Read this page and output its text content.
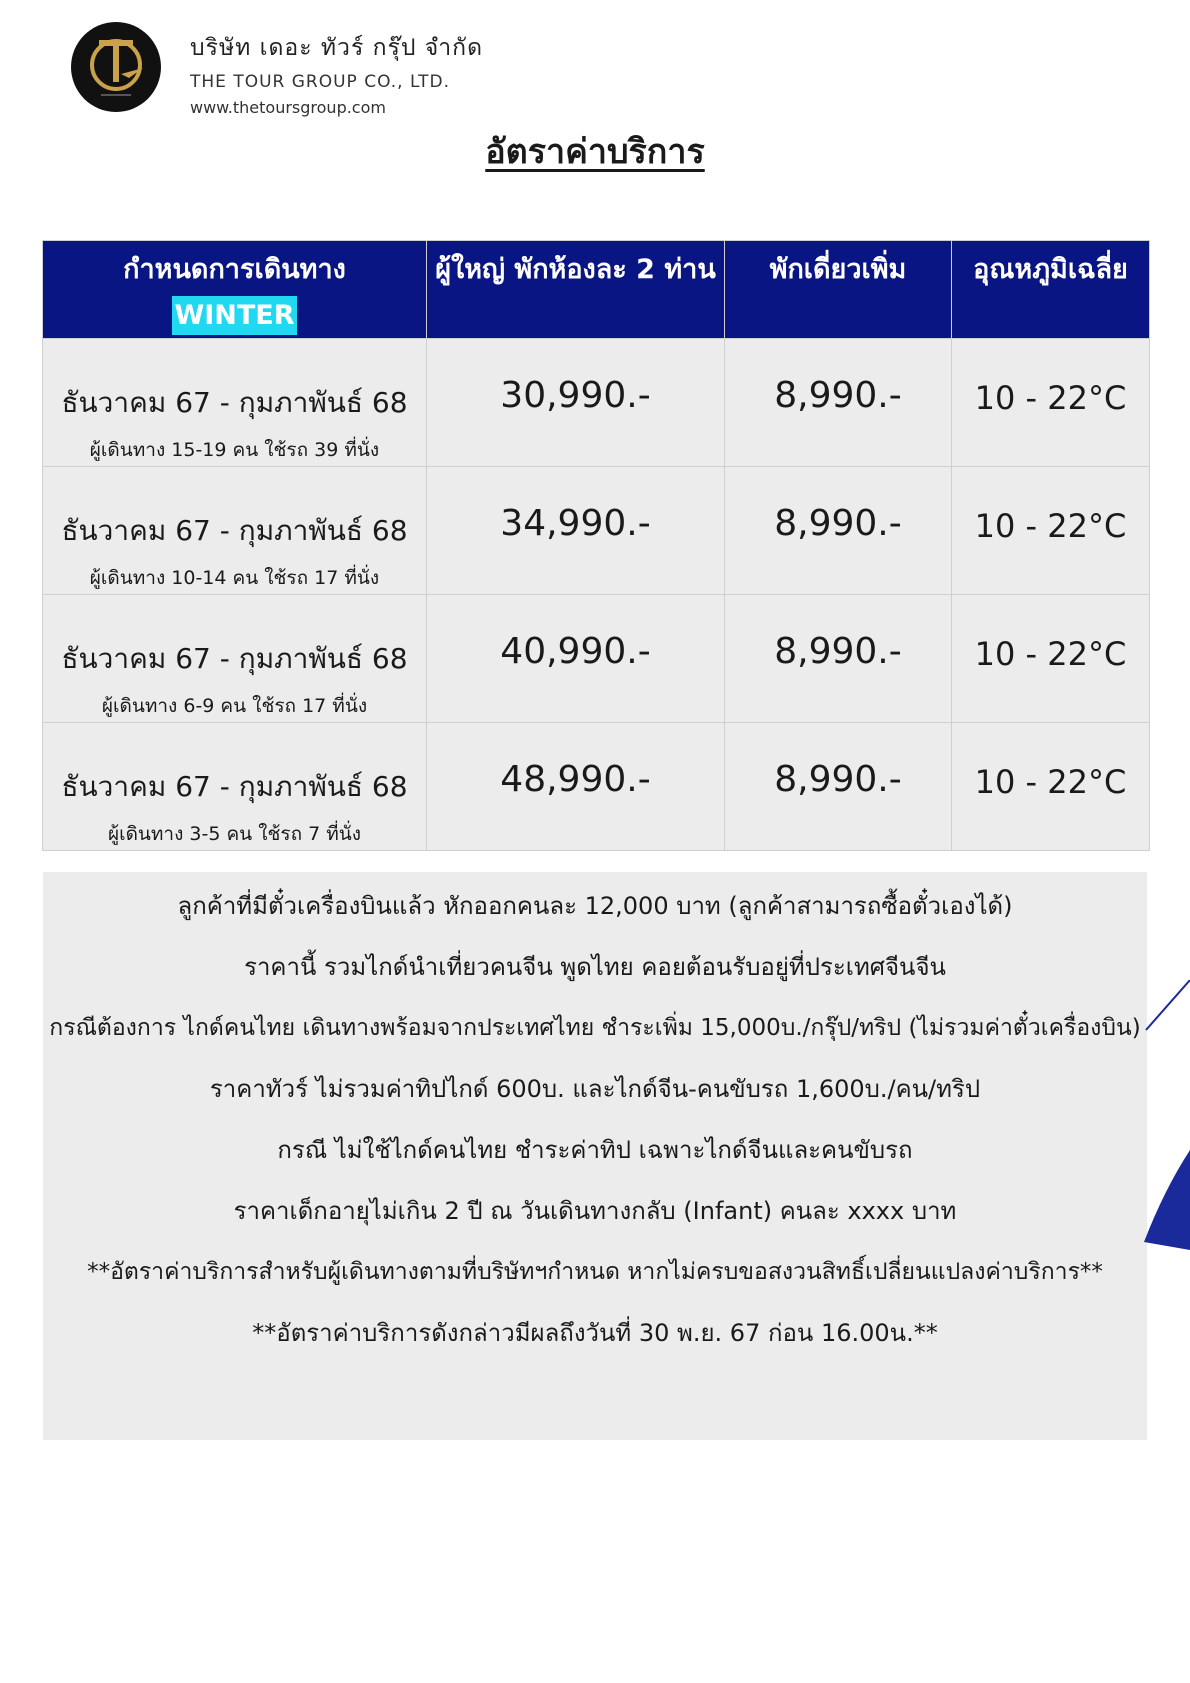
บริษัท เดอะ ทัวร์ กรุ๊ป จำกัด
THE TOUR GROUP CO., LTD.
www.thetoursgroup.com
อัตราค่าบริการ
กำหนดการเดินทาง
WINTER	ผู้ใหญ่ พักห้องละ 2 ท่าน	พักเดี่ยวเพิ่ม	อุณหภูมิเฉลี่ย

ธันวาคม 67 - กุมภาพันธ์ 68
ผู้เดินทาง 15-19 คน ใช้รถ 39 ที่นั่ง	30,990.-	8,990.-	10 - 22°C

ธันวาคม 67 - กุมภาพันธ์ 68
ผู้เดินทาง 10-14 คน ใช้รถ 17 ที่นั่ง	34,990.-	8,990.-	10 - 22°C

ธันวาคม 67 - กุมภาพันธ์ 68
ผู้เดินทาง 6-9 คน ใช้รถ 17 ที่นั่ง	40,990.-	8,990.-	10 - 22°C

ธันวาคม 67 - กุมภาพันธ์ 68
ผู้เดินทาง 3-5 คน ใช้รถ 7 ที่นั่ง	48,990.-	8,990.-	10 - 22°C
ลูกค้าที่มีตั๋วเครื่องบินแล้ว หักออกคนละ 12,000 บาท (ลูกค้าสามารถซื้อตั๋วเองได้)
ราคานี้ รวมไกด์นำเที่ยวคนจีน พูดไทย คอยต้อนรับอยู่ที่ประเทศจีนจีน
กรณีต้องการ ไกด์คนไทย เดินทางพร้อมจากประเทศไทย ชำระเพิ่ม 15,000บ./กรุ๊ป/ทริป (ไม่รวมค่าตั๋วเครื่องบิน)
ราคาทัวร์ ไม่รวมค่าทิปไกด์ 600บ. และไกด์จีน-คนขับรถ 1,600บ./คน/ทริป
กรณี ไม่ใช้ไกด์คนไทย ชำระค่าทิป เฉพาะไกด์จีนและคนขับรถ
ราคาเด็กอายุไม่เกิน 2 ปี ณ วันเดินทางกลับ (Infant) คนละ xxxx บาท
**อัตราค่าบริการสำหรับผู้เดินทางตามที่บริษัทฯกำหนด หากไม่ครบขอสงวนสิทธิ์เปลี่ยนแปลงค่าบริการ**
**อัตราค่าบริการดังกล่าวมีผลถึงวันที่ 30 พ.ย. 67 ก่อน 16.00น.**
